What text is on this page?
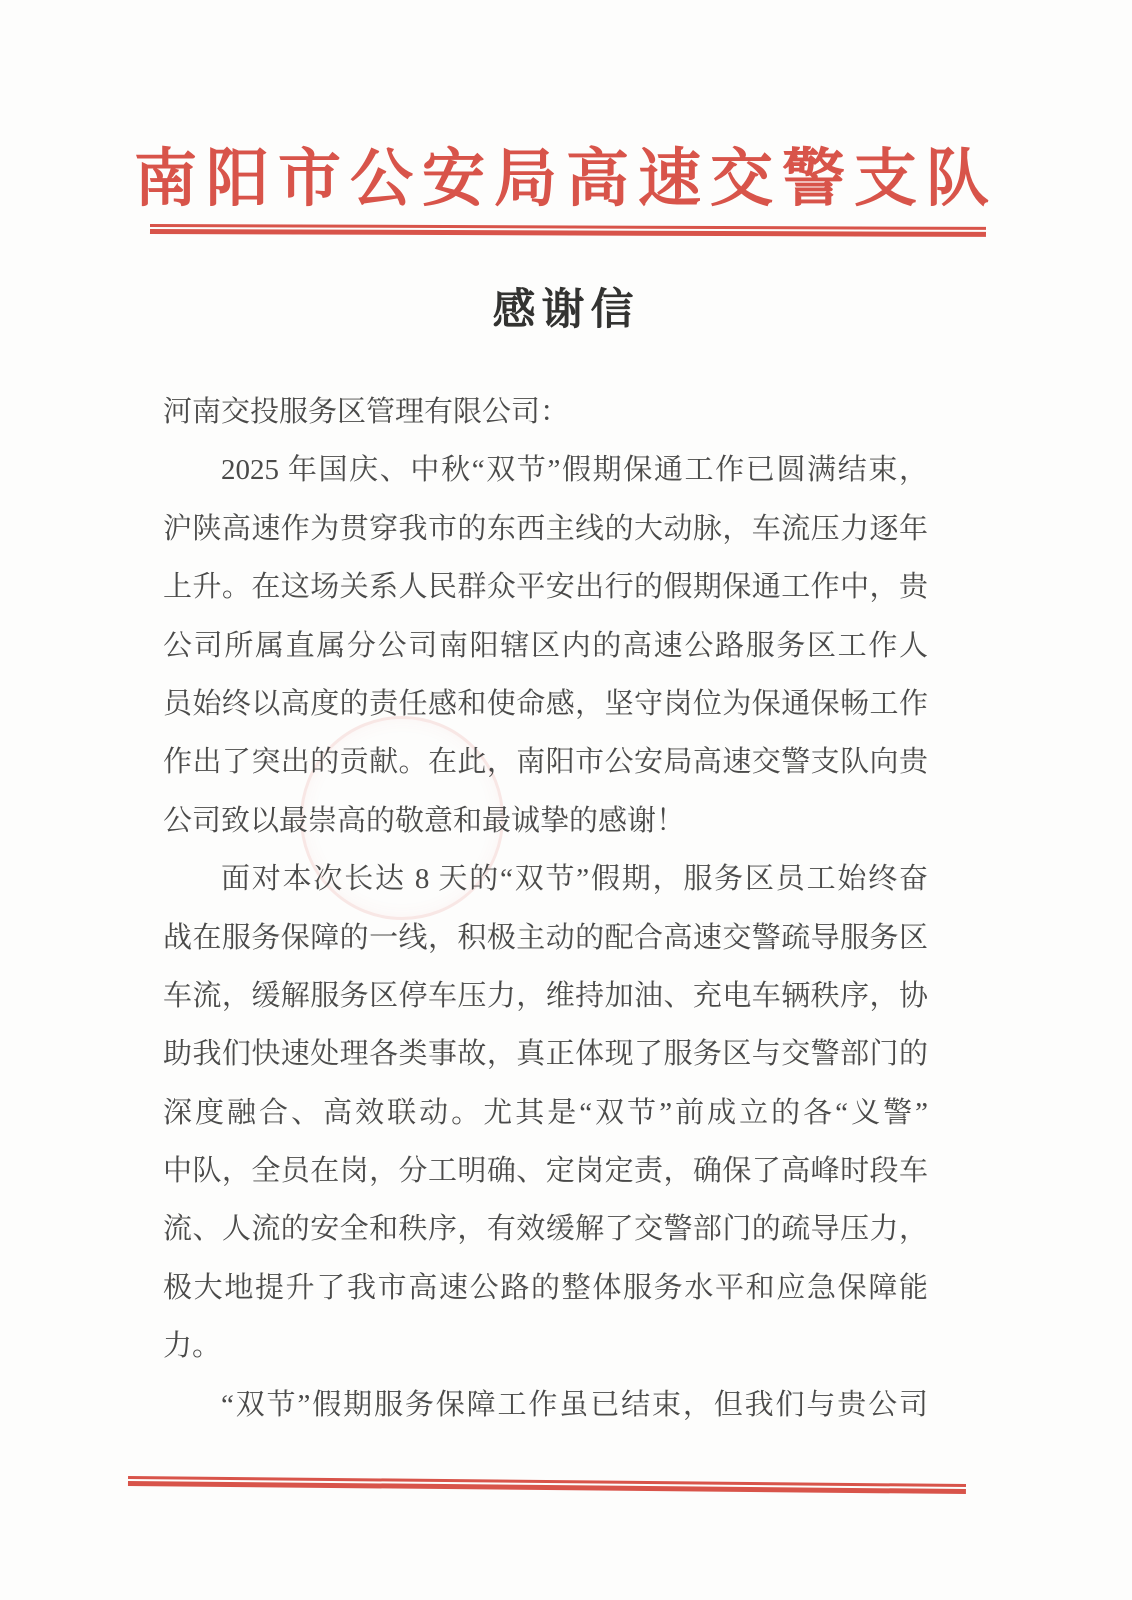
南阳市公安局高速交警支队
感谢信
河南交投服务区管理有限公司：
2025 年国庆、中秋“双节”假期保通工作已圆满结束，
沪陕高速作为贯穿我市的东西主线的大动脉，车流压力逐年
上升。在这场关系人民群众平安出行的假期保通工作中，贵
公司所属直属分公司南阳辖区内的高速公路服务区工作人
员始终以高度的责任感和使命感，坚守岗位为保通保畅工作
作出了突出的贡献。在此，南阳市公安局高速交警支队向贵
公司致以最崇高的敬意和最诚挚的感谢！
面对本次长达 8 天的“双节”假期，服务区员工始终奋
战在服务保障的一线，积极主动的配合高速交警疏导服务区
车流，缓解服务区停车压力，维持加油、充电车辆秩序，协
助我们快速处理各类事故，真正体现了服务区与交警部门的
深度融合、高效联动。尤其是“双节”前成立的各“义警”
中队，全员在岗，分工明确、定岗定责，确保了高峰时段车
流、人流的安全和秩序，有效缓解了交警部门的疏导压力，
极大地提升了我市高速公路的整体服务水平和应急保障能
力。
“双节”假期服务保障工作虽已结束，但我们与贵公司
